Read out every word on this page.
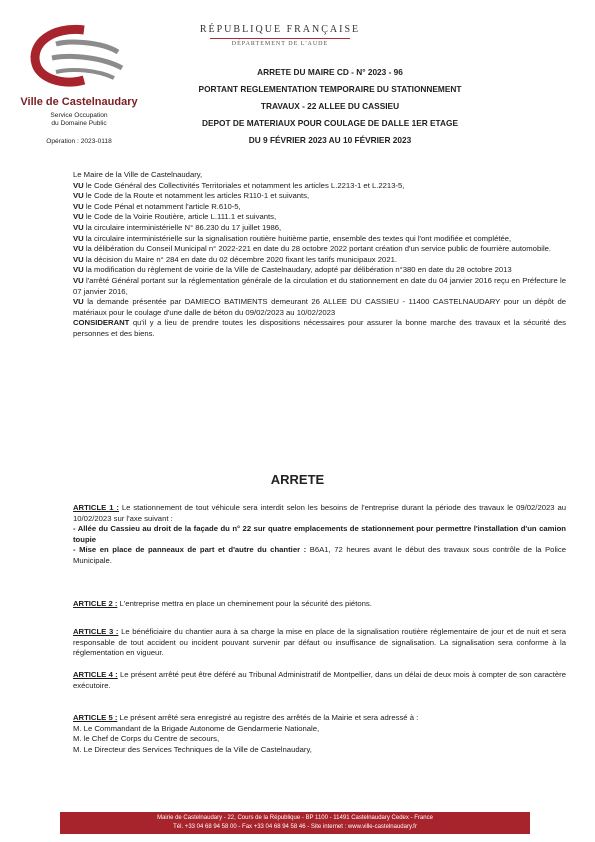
Ville de Castelnaudary
Service Occupation
du Domaine Public
Opération : 2023-0118
RÉPUBLIQUE FRANÇAISE
DÉPARTEMENT DE L'AUDE
ARRETE DU MAIRE CD - N° 2023 - 96
PORTANT REGLEMENTATION TEMPORAIRE DU STATIONNEMENT
TRAVAUX - 22 ALLEE DU CASSIEU
DEPOT DE MATERIAUX POUR COULAGE DE DALLE 1ER ETAGE
DU 9 FÉVRIER 2023 AU 10 FÉVRIER 2023

Le Maire de la Ville de Castelnaudary,

VU le Code Général des Collectivités Territoriales et notamment les articles L.2213-1 et L.2213-5,

VU le Code de la Route et notamment les articles R110-1 et suivants,

VU le Code Pénal et notamment l'article R.610-5,

VU le Code de la Voirie Routière, article L.111.1 et suivants,

VU la circulaire interministérielle N° 86.230 du 17 juillet 1986,

VU la circulaire interministérielle sur la signalisation routière huitième partie, ensemble des textes qui l'ont modifiée et complétée,

VU la délibération du Conseil Municipal n° 2022-221 en date du 28 octobre 2022 portant création d'un service public de fourrière automobile.

VU la décision du Maire n° 284 en date du 02 décembre 2020 fixant les tarifs municipaux 2021.

VU la modification du règlement de voirie de la Ville de Castelnaudary, adopté par délibération n°380 en date du 28 octobre 2013

VU l'arrêté Général portant sur la réglementation générale de la circulation et du stationnement en date du 04 janvier 2016 reçu en Préfecture le 07 janvier 2016,

VU la demande présentée par DAMIECO BATIMENTS demeurant 26 ALLEE DU CASSIEU - 11400 CASTELNAUDARY pour un dépôt de matériaux pour le coulage d'une dalle de béton du 09/02/2023 au 10/02/2023

CONSIDERANT qu'il y a lieu de prendre toutes les dispositions nécessaires pour assurer la bonne marche des travaux et la sécurité des personnes et des biens.

ARRETE

ARTICLE 1 : Le stationnement de tout véhicule sera interdit selon les besoins de l'entreprise durant la période des travaux le 09/02/2023 au 10/02/2023 sur l'axe suivant :

- Allée du Cassieu au droit de la façade du n° 22 sur quatre emplacements de stationnement pour permettre l'installation d'un camion toupie

- Mise en place de panneaux de part et d'autre du chantier : B6A1, 72 heures avant le début des travaux sous contrôle de la Police Municipale.

ARTICLE 2 : L'entreprise mettra en place un cheminement pour la sécurité des piétons.

ARTICLE 3 : Le bénéficiaire du chantier aura à sa charge la mise en place de la signalisation routière réglementaire de jour et de nuit et sera responsable de tout accident ou incident pouvant survenir par défaut ou insuffisance de signalisation. La signalisation sera conforme à la réglementation en vigueur.

ARTICLE 4 : Le présent arrêté peut être déféré au Tribunal Administratif de Montpellier, dans un délai de deux mois à compter de son caractère exécutoire.

ARTICLE 5 : Le présent arrêté sera enregistré au registre des arrêtés de la Mairie et sera adressé à :

M. Le Commandant de la Brigade Autonome de Gendarmerie Nationale,

M. le Chef de Corps du Centre de secours,

M. Le Directeur des Services Techniques de la Ville de Castelnaudary,

Mairie de Castelnaudary - 22, Cours de la République - BP 1100 - 11491 Castelnaudary Cedex - France
Tél. +33 04 68 94 58 00 - Fax +33 04 68 94 58 46 - Site internet : www.ville-castelnaudary.fr
